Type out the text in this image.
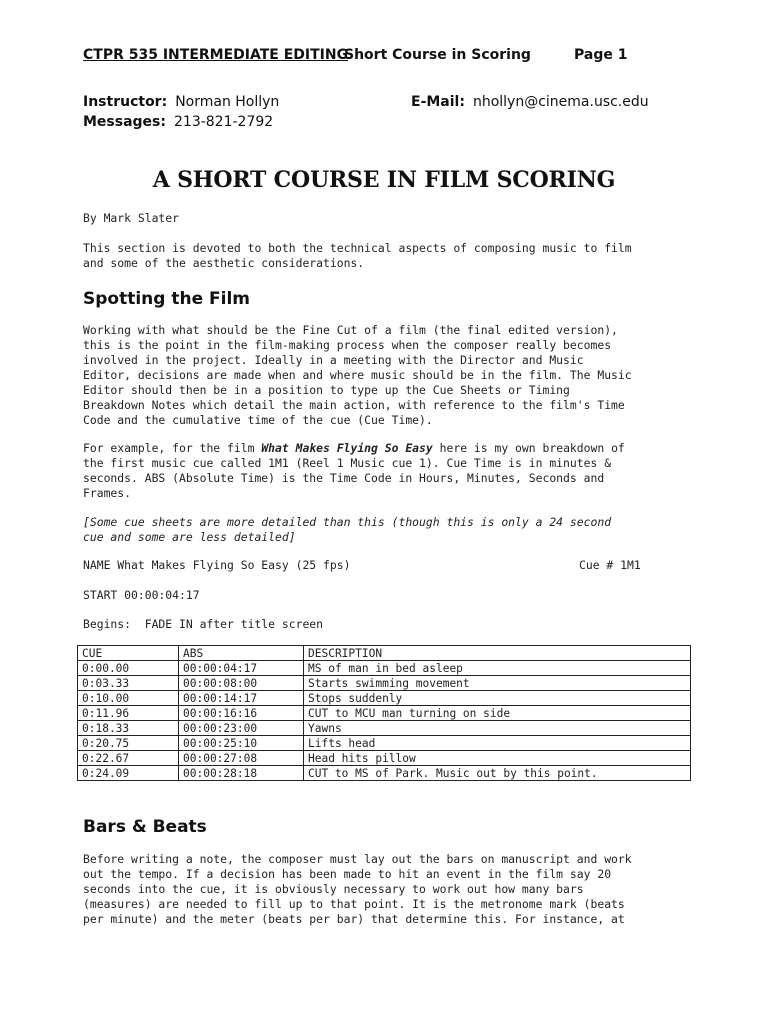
CTPR 535 INTERMEDIATE EDITING
Short Course in Scoring	Page 1
Instructor: Norman Hollyn	E-Mail: nhollyn@cinema.usc.edu
Messages: 213-821-2792
A SHORT COURSE IN FILM SCORING
By Mark Slater
This section is devoted to both the technical aspects of composing music to film
and some of the aesthetic considerations.
Spotting the Film
Working with what should be the Fine Cut of a film (the final edited version),
this is the point in the film-making process when the composer really becomes
involved in the project. Ideally in a meeting with the Director and Music
Editor, decisions are made when and where music should be in the film. The Music
Editor should then be in a position to type up the Cue Sheets or Timing
Breakdown Notes which detail the main action, with reference to the film's Time
Code and the cumulative time of the cue (Cue Time).
For example, for the film What Makes Flying So Easy here is my own breakdown of
the first music cue called 1M1 (Reel 1 Music cue 1). Cue Time is in minutes &
seconds. ABS (Absolute Time) is the Time Code in Hours, Minutes, Seconds and
Frames.
[Some cue sheets are more detailed than this (though this is only a 24 second
cue and some are less detailed]
NAME What Makes Flying So Easy (25 fps)	Cue # 1M1
START 00:00:04:17
Begins:  FADE IN after title screen
CUE	ABS	DESCRIPTION
0:00.00	00:00:04:17	MS of man in bed asleep
0:03.33	00:00:08:00	Starts swimming movement
0:10.00	00:00:14:17	Stops suddenly
0:11.96	00:00:16:16	CUT to MCU man turning on side
0:18.33	00:00:23:00	Yawns
0:20.75	00:00:25:10	Lifts head
0:22.67	00:00:27:08	Head hits pillow
0:24.09	00:00:28:18	CUT to MS of Park. Music out by this point.
Bars & Beats
Before writing a note, the composer must lay out the bars on manuscript and work
out the tempo. If a decision has been made to hit an event in the film say 20
seconds into the cue, it is obviously necessary to work out how many bars
(measures) are needed to fill up to that point. It is the metronome mark (beats
per minute) and the meter (beats per bar) that determine this. For instance, at
